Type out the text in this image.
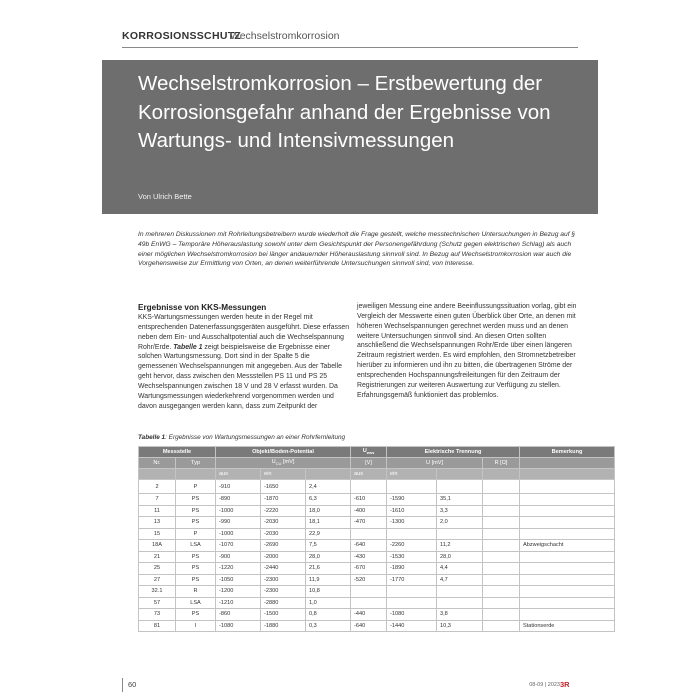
KORROSIONSSCHUTZ
Wechselstromkorrosion
Wechselstromkorrosion – Erstbewertung der Korrosionsgefahr anhand der Ergebnisse von Wartungs- und Intensivmessungen
Von Ulrich Bette
In mehreren Diskussionen mit Rohrleitungsbetreibern wurde wiederholt die Frage gestellt, welche messtechnischen Untersuchungen in Bezug auf § 49b EnWG – Temporäre Höherauslastung sowohl unter dem Gesichtspunkt der Personengefährdung (Schutz gegen elektrischen Schlag) als auch einer möglichen Wechselstromkorrosion bei länger andauernder Höherauslastung sinnvoll sind. In Bezug auf Wechselstromkorrosion war auch die Vorgehensweise zur Ermittlung von Orten, an denen weiterführende Untersuchungen sinnvoll sind, von Interesse.
Ergebnisse von KKS-Messungen
KKS-Wartungsmessungen werden heute in der Regel mit entsprechenden Datenerfassungsgeräten ausgeführt. Diese erfassen neben dem Ein- und Ausschaltpotential auch die Wechselspannung Rohr/Erde. Tabelle 1 zeigt beispielsweise die Ergebnisse einer solchen Wartungsmessung. Dort sind in der Spalte 5 die gemessenen Wechselspannungen mit angegeben. Aus der Tabelle geht hervor, dass zwischen den Messstellen PS 11 und PS 25 Wechselspannungen zwischen 18 V und 28 V erfasst wurden. Da Wartungsmessungen wiederkehrend vorgenommen werden und davon ausgegangen werden kann, dass zum Zeitpunkt der
jeweiligen Messung eine andere Beeinflussungssituation vorlag, gibt ein Vergleich der Messwerte einen guten Überblick über Orte, an denen mit höheren Wechselspannungen gerechnet werden muss und an denen weitere Untersuchungen sinnvoll sind. An diesen Orten sollten anschließend die Wechselspannungen Rohr/Erde über einen längeren Zeitraum registriert werden. Es wird empfohlen, den Stromnetzbetreiber hierüber zu informieren und ihn zu bitten, die übertragenen Ströme der entsprechenden Hochspannungsfreileitungen für den Zeitraum der Registrierungen zur weiteren Auswertung zur Verfügung zu stellen. Erfahrungsgemäß funktioniert das problemlos.
Tabelle 1: Ergebnisse von Wartungsmessungen an einer Rohrfernleitung
Messstelle		Objekt/Boden-Potential			$U_{wss}$	Elektrische Trennung			Bemerkung
Nr.	Typ	$U_{CU}$ [mV]			[V]	U [mV]		R [Ω]	
		aus	ein		aus	ein			
2	P	-910	-1650	2,4					
7	PS	-890	-1870	6,3	-610	-1590	35,1		
11	PS	-1000	-2220	18,0	-400	-1610	3,3		
13	PS	-990	-2030	18,1	-470	-1300	2,0		
15	P	-1000	-2030	22,9					
18A	LSA	-1070	-2690	7,5	-640	-2260	11,2		Abzweigschacht
21	PS	-900	-2000	28,0	-430	-1530	28,0		
25	PS	-1220	-2440	21,6	-670	-1890	4,4		
27	PS	-1050	-2300	11,9	-520	-1770	4,7		
32.1	R	-1200	-2300	10,8					
57	LSA	-1210	-2880	1,0					
73	PS	-860	-1500	0,8	-440	-1080	3,8		
81	I	-1080	-1880	0,3	-640	-1440	10,3		Stationserde
60	08-09 | 2023 3R
